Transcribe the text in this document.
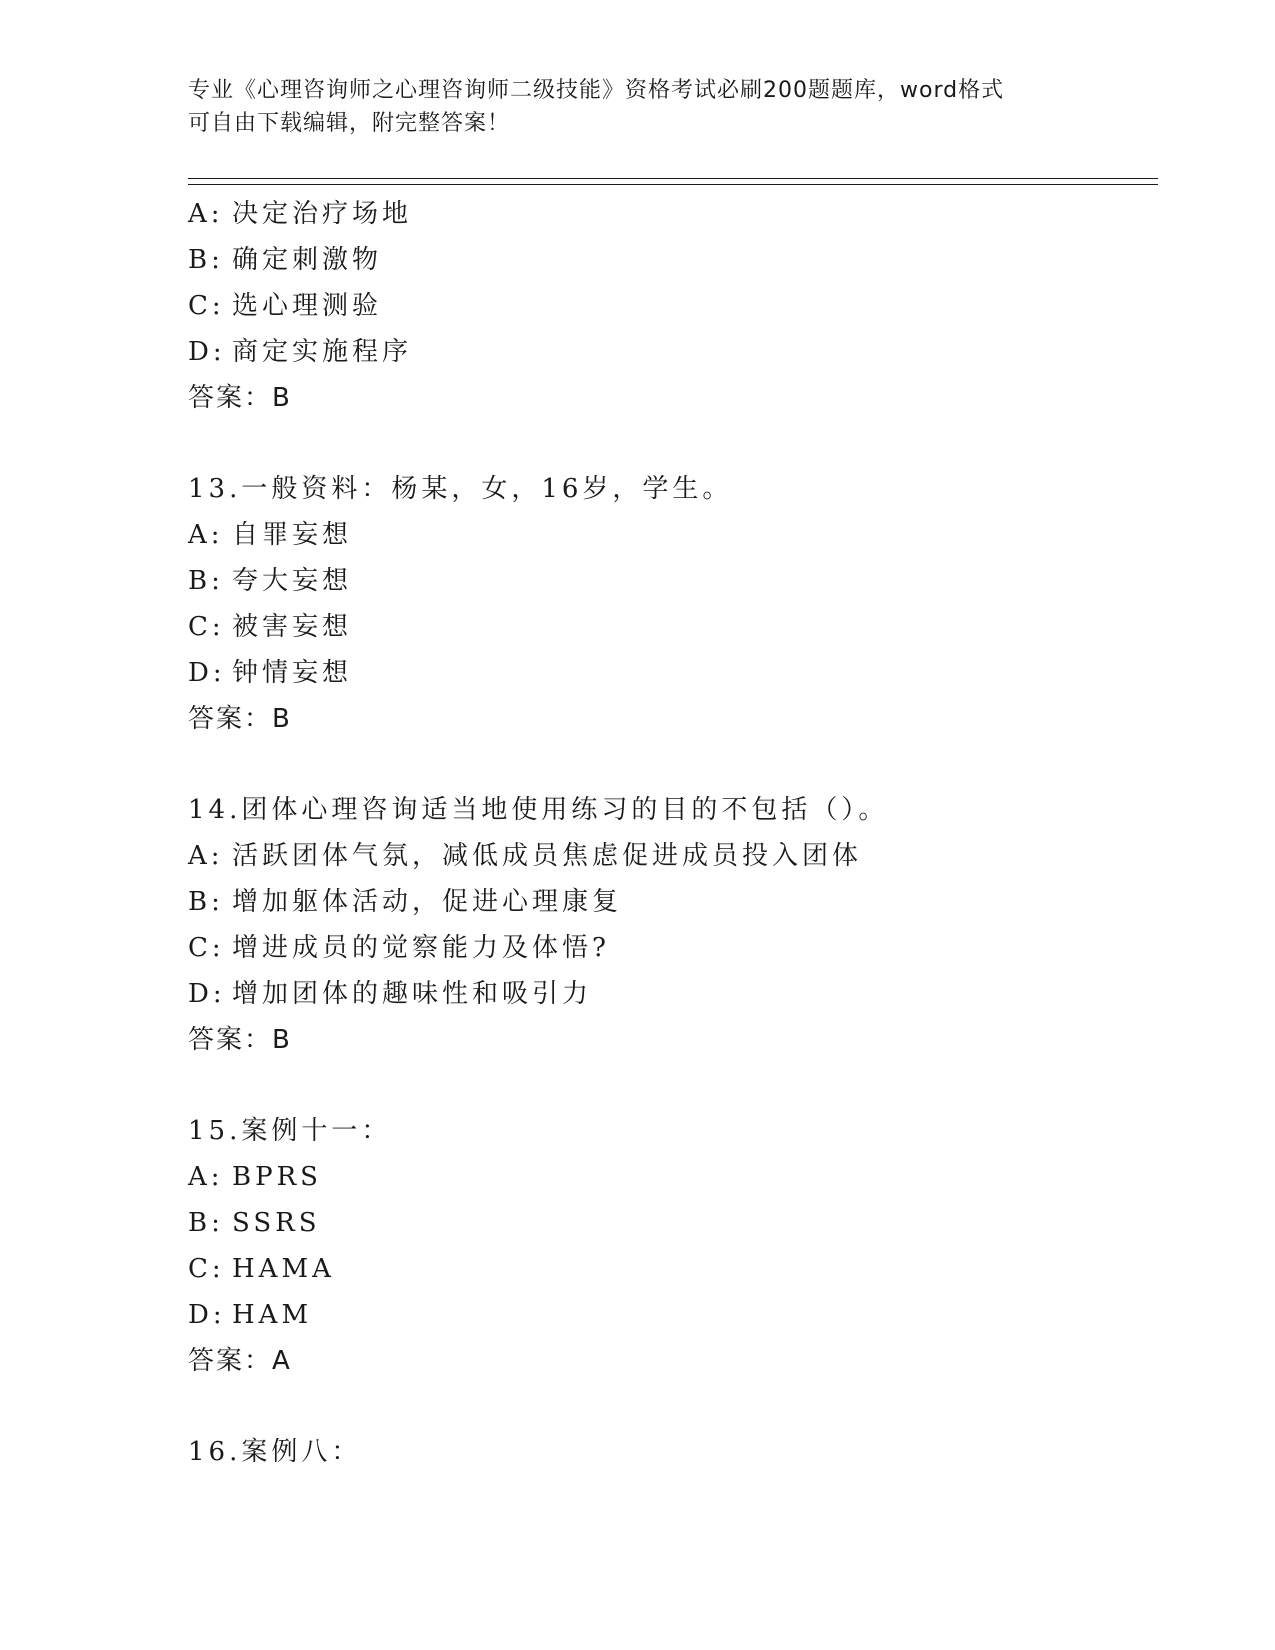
专业《心理咨询师之心理咨询师二级技能》资格考试必刷200题题库，word格式
可自由下载编辑，附完整答案！
A: 决定治疗场地
B: 确定刺激物
C: 选心理测验
D: 商定实施程序
答案：B
13.一般资料：杨某，女，16岁，学生。
A: 自罪妄想
B: 夸大妄想
C: 被害妄想
D: 钟情妄想
答案：B
14.团体心理咨询适当地使用练习的目的不包括（）。
A: 活跃团体气氛，减低成员焦虑促进成员投入团体
B: 增加躯体活动，促进心理康复
C: 增进成员的觉察能力及体悟?
D: 增加团体的趣味性和吸引力
答案：B
15.案例十一：
A: BPRS
B: SSRS
C: HAMA
D: HAM
答案：A
16.案例八：
